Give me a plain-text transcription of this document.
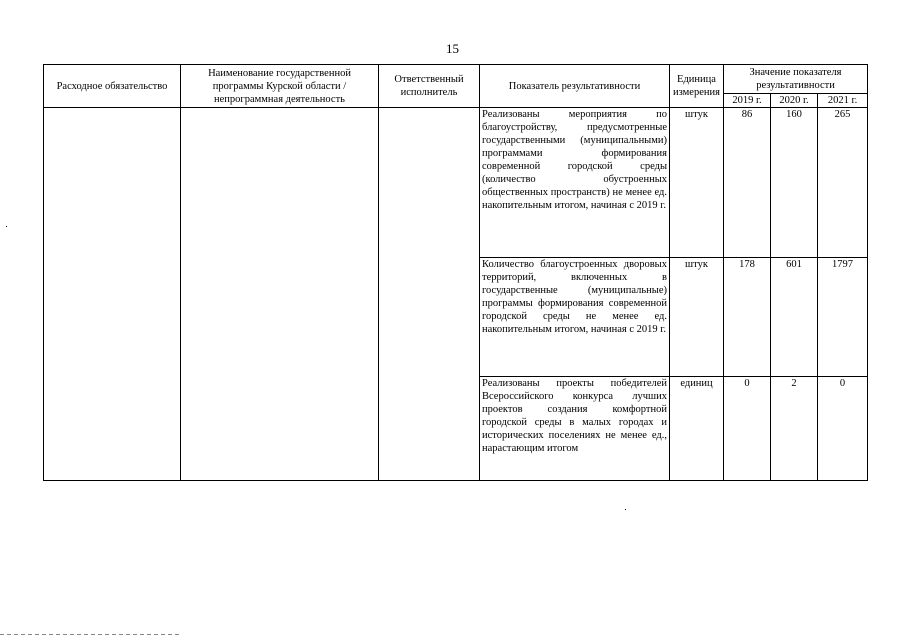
15
Расходное обязательство	Наименование государственной программы Курской области / непрограммная деятельность	Ответственный исполнитель	Показатель результативности	Единица измерения	Значение показателя результативности		
					2019 г.	2020 г.	2021 г.
			Реализованы мероприятия по благоустройству, предусмотренные государственными (муниципальными) программами формирования современной городской среды (количество обустроенных общественных пространств) не менее ед. накопительным итогом, начиная с 2019 г.	штук	86	160	265
			Количество благоустроенных дворовых территорий, включенных в государственные (муниципальные) программы формирования современной городской среды не менее ед. накопительным итогом, начиная с 2019 г.	штук	178	601	1797
			Реализованы проекты победителей Всероссийского конкурса лучших проектов создания комфортной городской среды в малых городах и исторических поселениях не менее ед., нарастающим итогом	единиц	0	2	0
